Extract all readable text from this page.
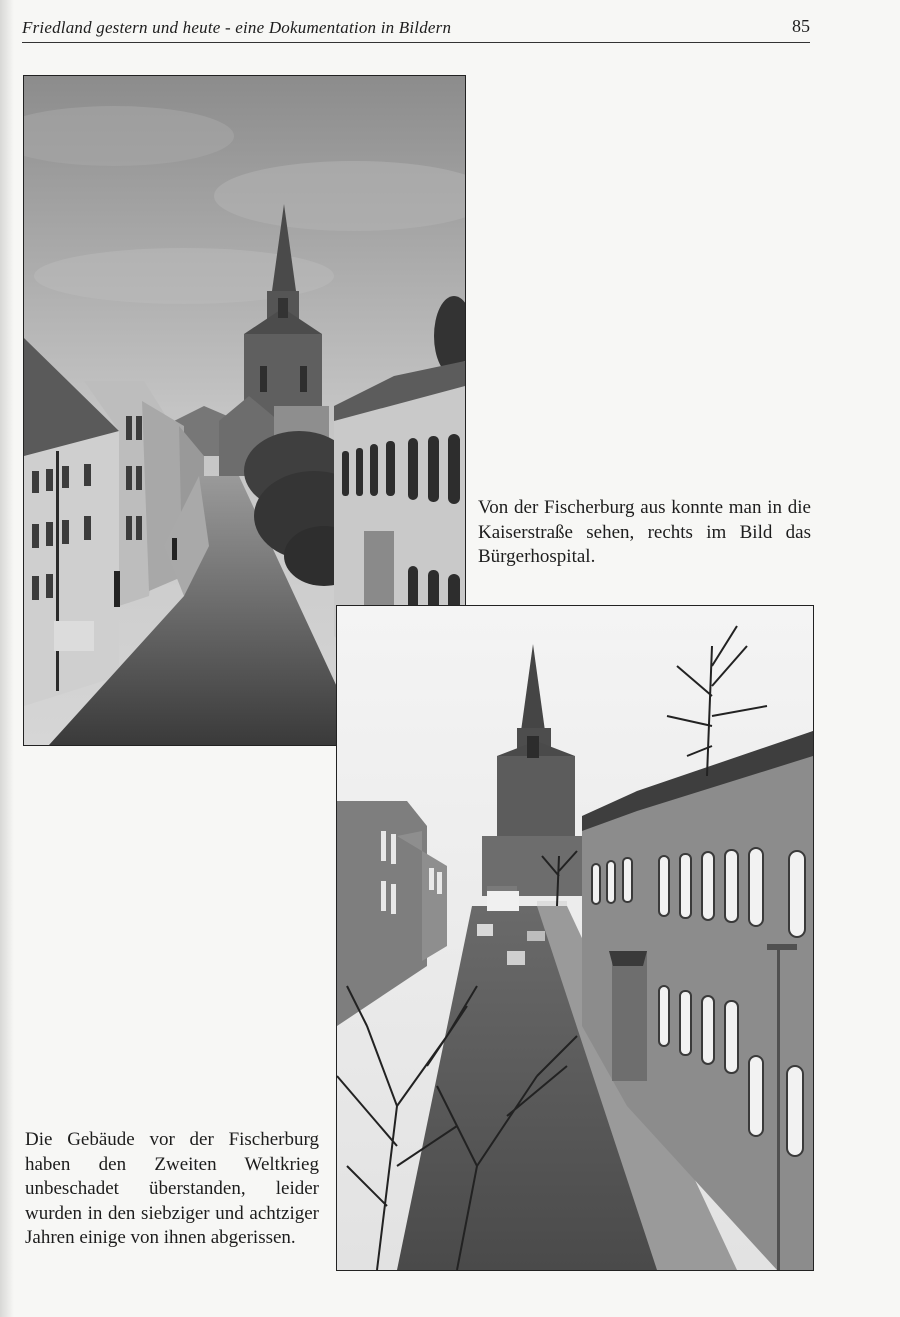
Friedland gestern und heute - eine Dokumentation in Bildern	85
Von der Fischerburg aus konnte man in die Kaiserstraße sehen, rechts im Bild das Bürgerhospital.
Die Gebäude vor der Fischerburg haben den Zweiten Weltkrieg unbeschadet überstanden, leider wurden in den siebziger und achtziger Jahren einige von ihnen abgerissen.
